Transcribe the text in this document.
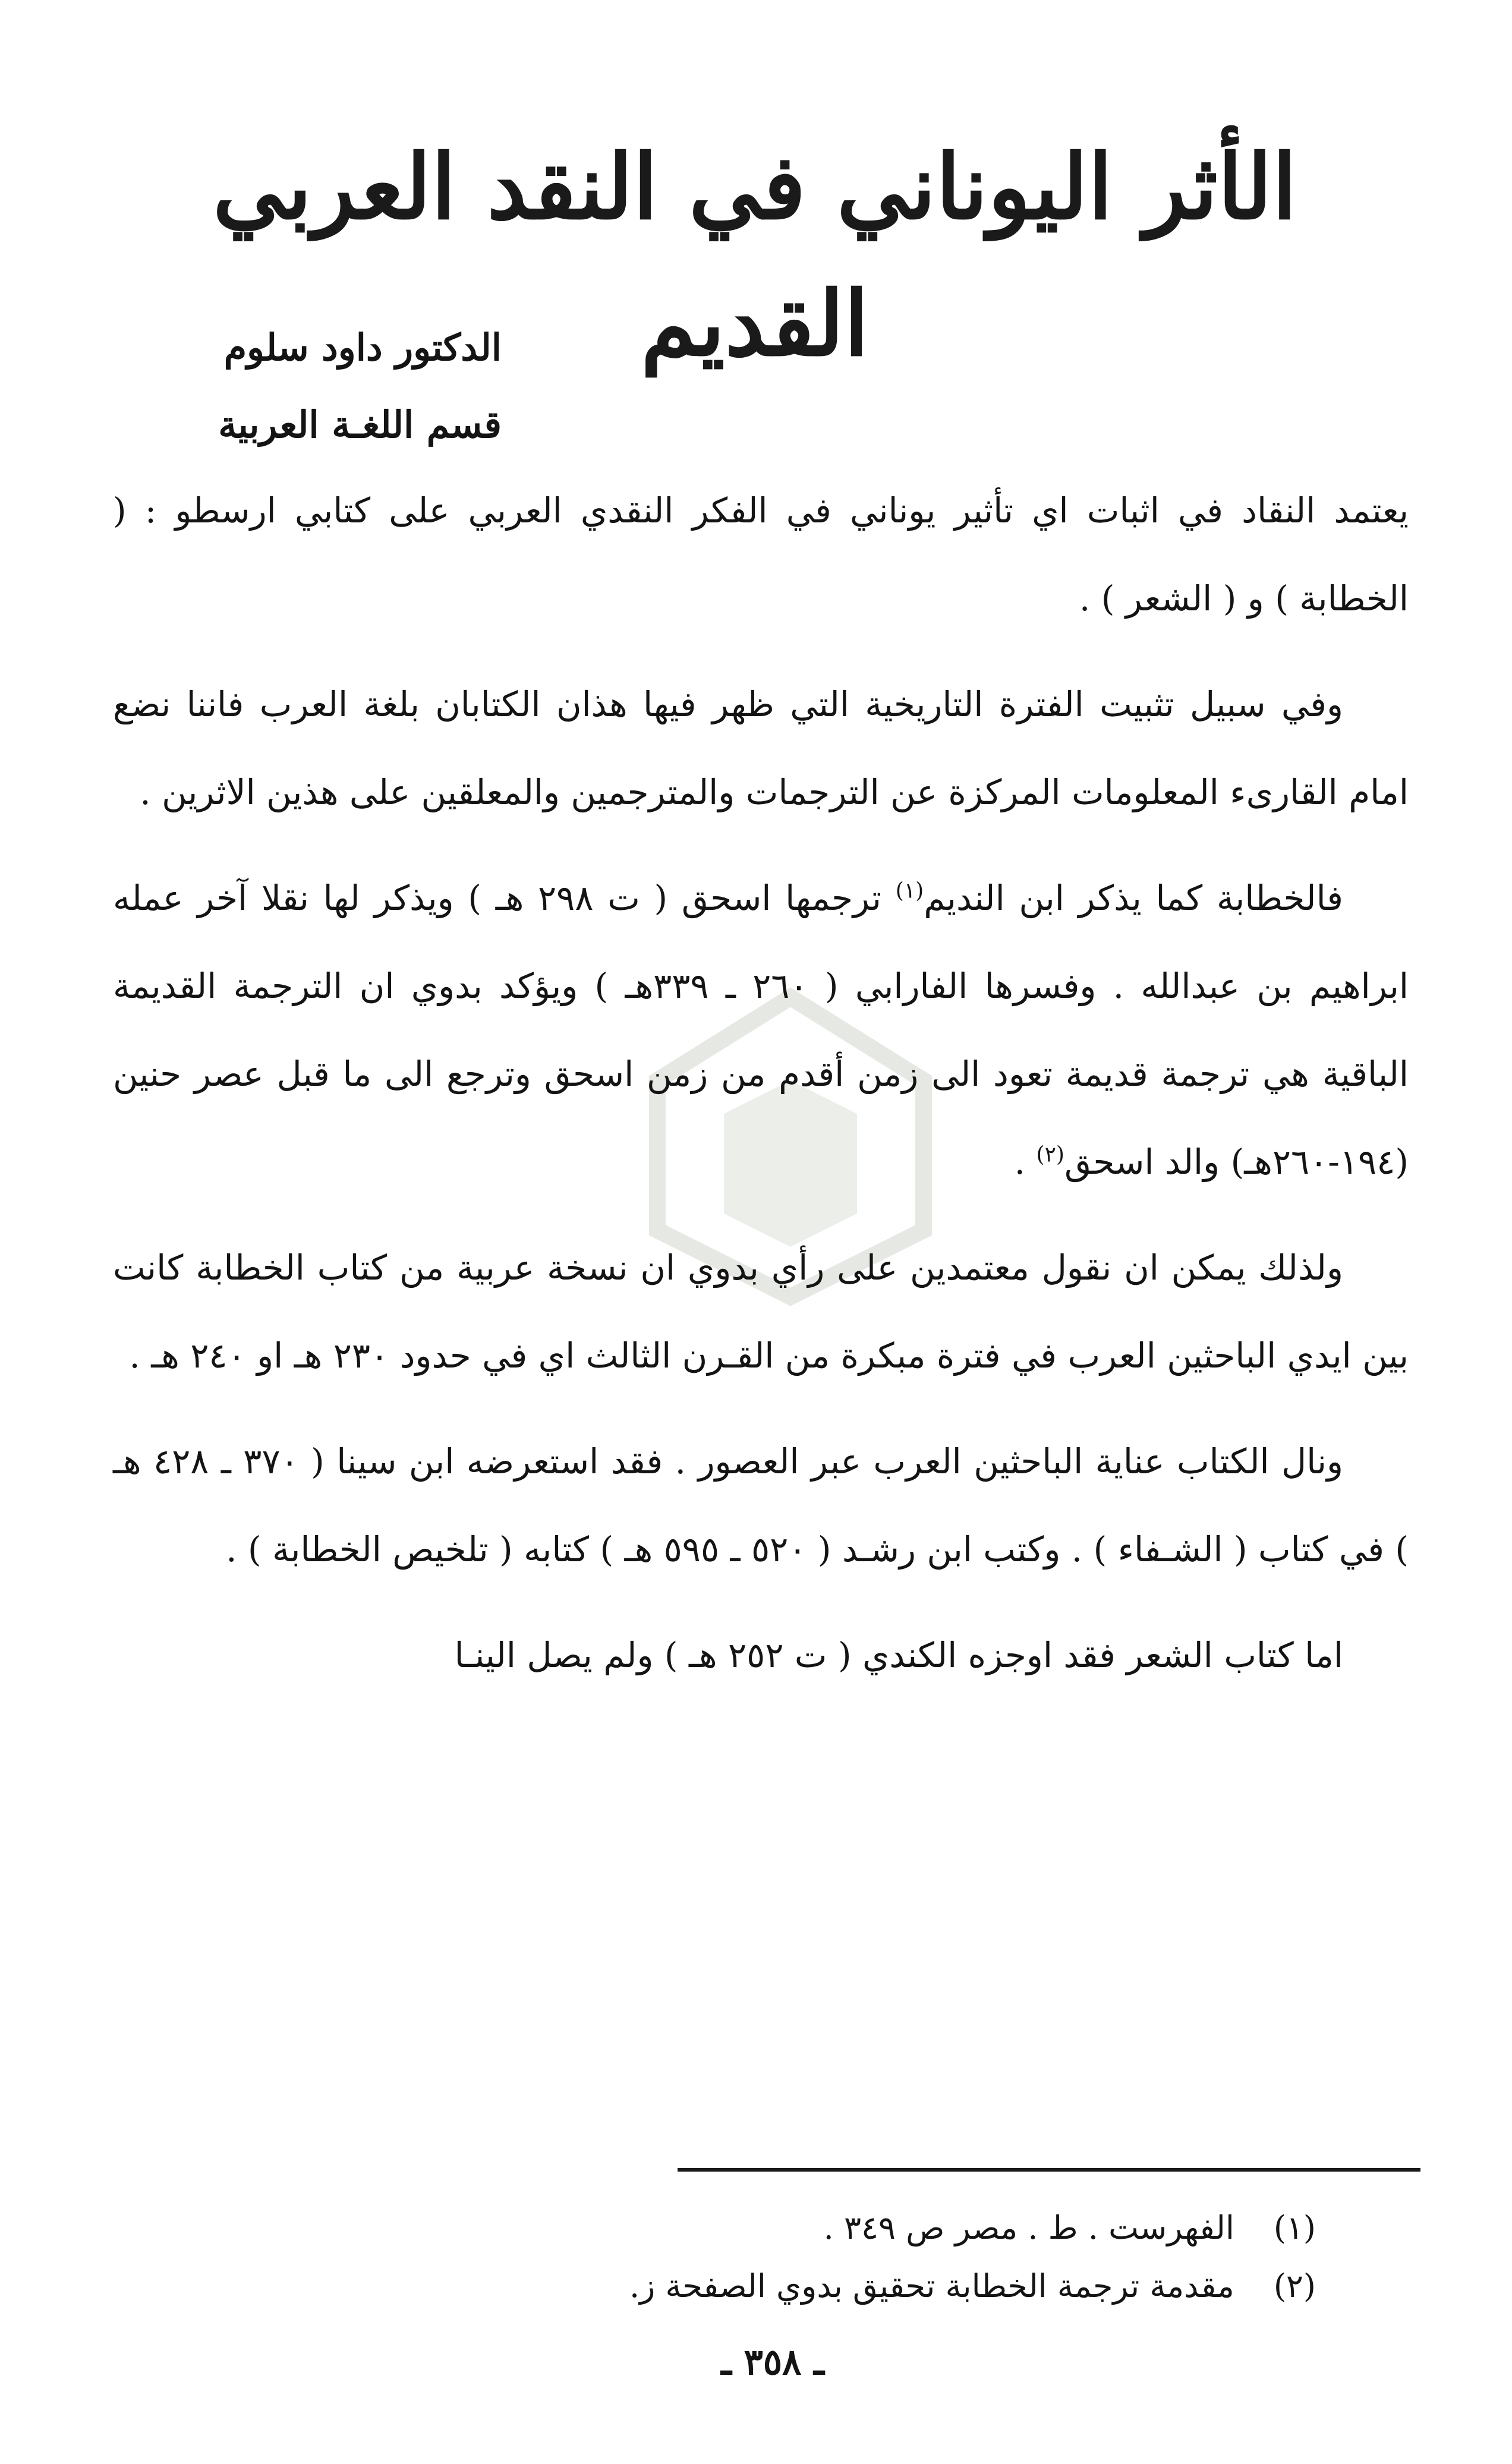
الأثر اليوناني في النقد العربي القديم
الدكتور داود سلوم
قسم اللغـة العربية

يعتمد النقاد في اثبات اي تأثير يوناني في الفكر النقدي العربي على كتابي ارسطو : ( الخطابة ) و ( الشعر ) .

وفي سبيل تثبيت الفترة التاريخية التي ظهر فيها هذان الكتابان بلغة العرب فاننا نضع امام القارىء المعلومات المركزة عن الترجمات والمترجمين والمعلقين على هذين الاثرين .

فالخطابة كما يذكر ابن النديم$^{(١)}$ ترجمها اسحق ( ت ٢٩٨ هـ ) ويذكر لها نقلا آخر عمله ابراهيم بن عبدالله . وفسرها الفارابي ( ٢٦٠ ـ ٣٣٩هـ ) ويؤكد بدوي ان الترجمة القديمة الباقية هي ترجمة قديمة تعود الى زمن أقدم من زمن اسحق وترجع الى ما قبل عصر حنين (١٩٤-٢٦٠هـ) والد اسحق$^{(٢)}$ .

ولذلك يمكن ان نقول معتمدين على رأي بدوي ان نسخة عربية من كتاب الخطابة كانت بين ايدي الباحثين العرب في فترة مبكرة من القـرن الثالث اي في حدود ٢٣٠ هـ او ٢٤٠ هـ .

ونال الكتاب عناية الباحثين العرب عبر العصور . فقد استعرضه ابن سينا ( ٣٧٠ ـ ٤٢٨ هـ ) في كتاب ( الشـفاء ) . وكتب ابن رشـد ( ٥٢٠ ـ ٥٩٥ هـ ) كتابه ( تلخيص الخطابة ) .

اما كتاب الشعر فقد اوجزه الكندي ( ت ٢٥٢ هـ ) ولم يصل الينـا

(١) الفهرست . ط . مصر ص ٣٤٩ .
(٢) مقدمة ترجمة الخطابة تحقيق بدوي الصفحة ز.
ـ ٣٥٨ ـ
